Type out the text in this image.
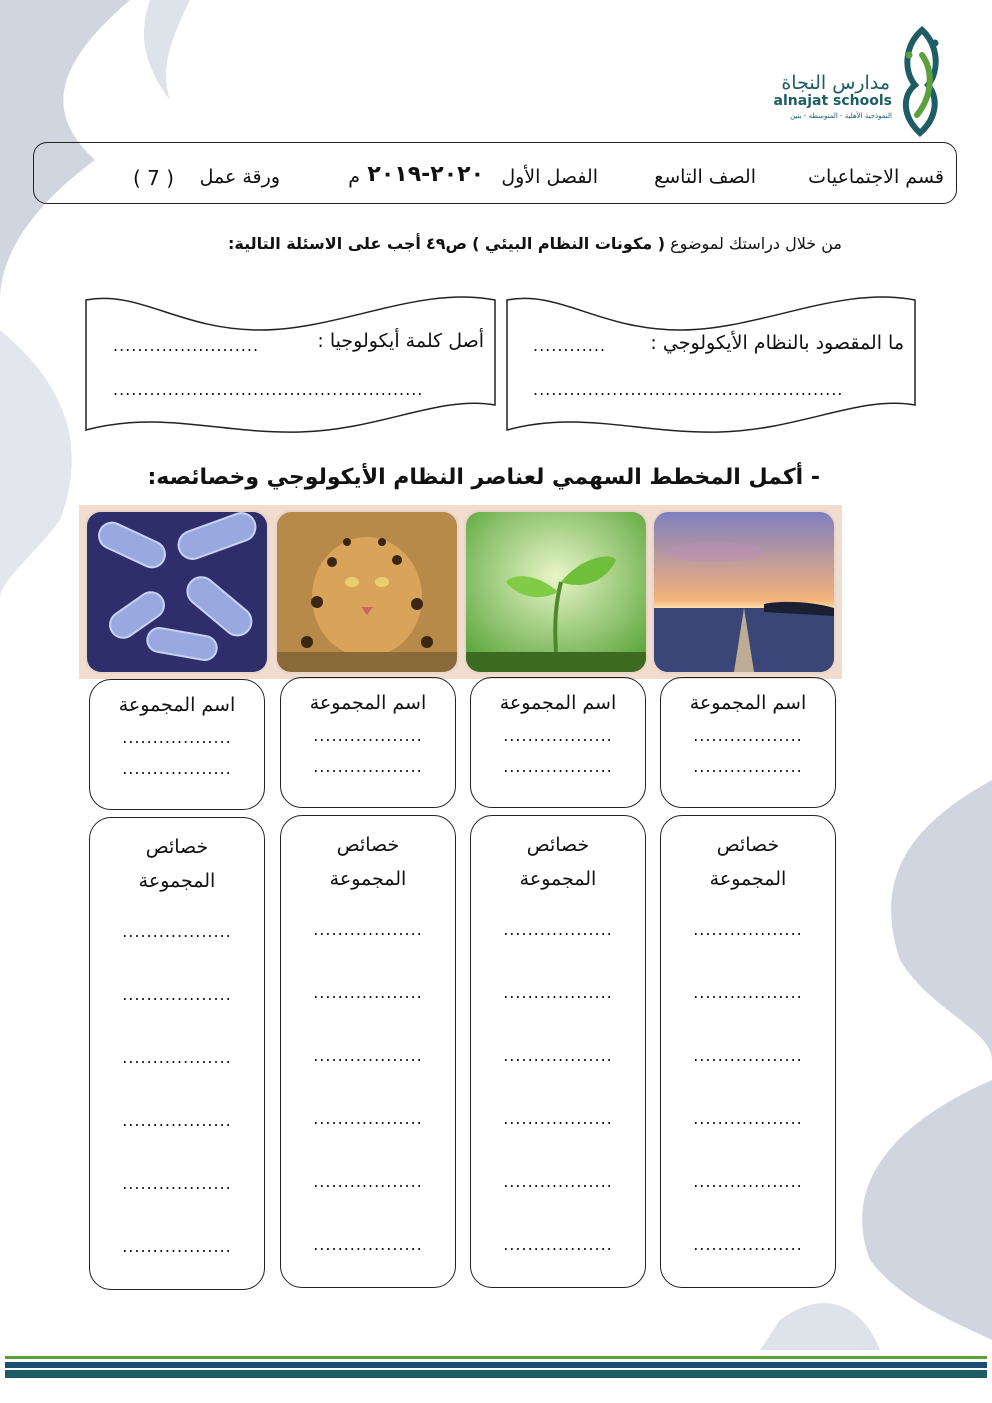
مدارس النجاة
alnajat schools
النموذجية الأهلية - المتوسطة - بنين
قسم الاجتماعيات
الصف التاسع
الفصل الأول
٢٠٢٠-٢٠١٩
م
ورقة عمل
( 7 )
من خلال دراستك لموضوع ( مكونات النظام البيئي ) ص٤٩ أجب على الاسئلة التالية:
ما المقصود بالنظام الأيكولوجي :
............
...................................................
أصل كلمة أيكولوجيا :
........................
...................................................
- أكمل المخطط السهمي لعناصر النظام الأيكولوجي وخصائصه:
اسم المجموعة
..................
..................
اسم المجموعة
..................
..................
اسم المجموعة
..................
..................
اسم المجموعة
..................
..................
خصائص
المجموعة
..................
..................
..................
..................
..................
..................
خصائص
المجموعة
..................
..................
..................
..................
..................
..................
خصائص
المجموعة
..................
..................
..................
..................
..................
..................
خصائص
المجموعة
..................
..................
..................
..................
..................
..................
